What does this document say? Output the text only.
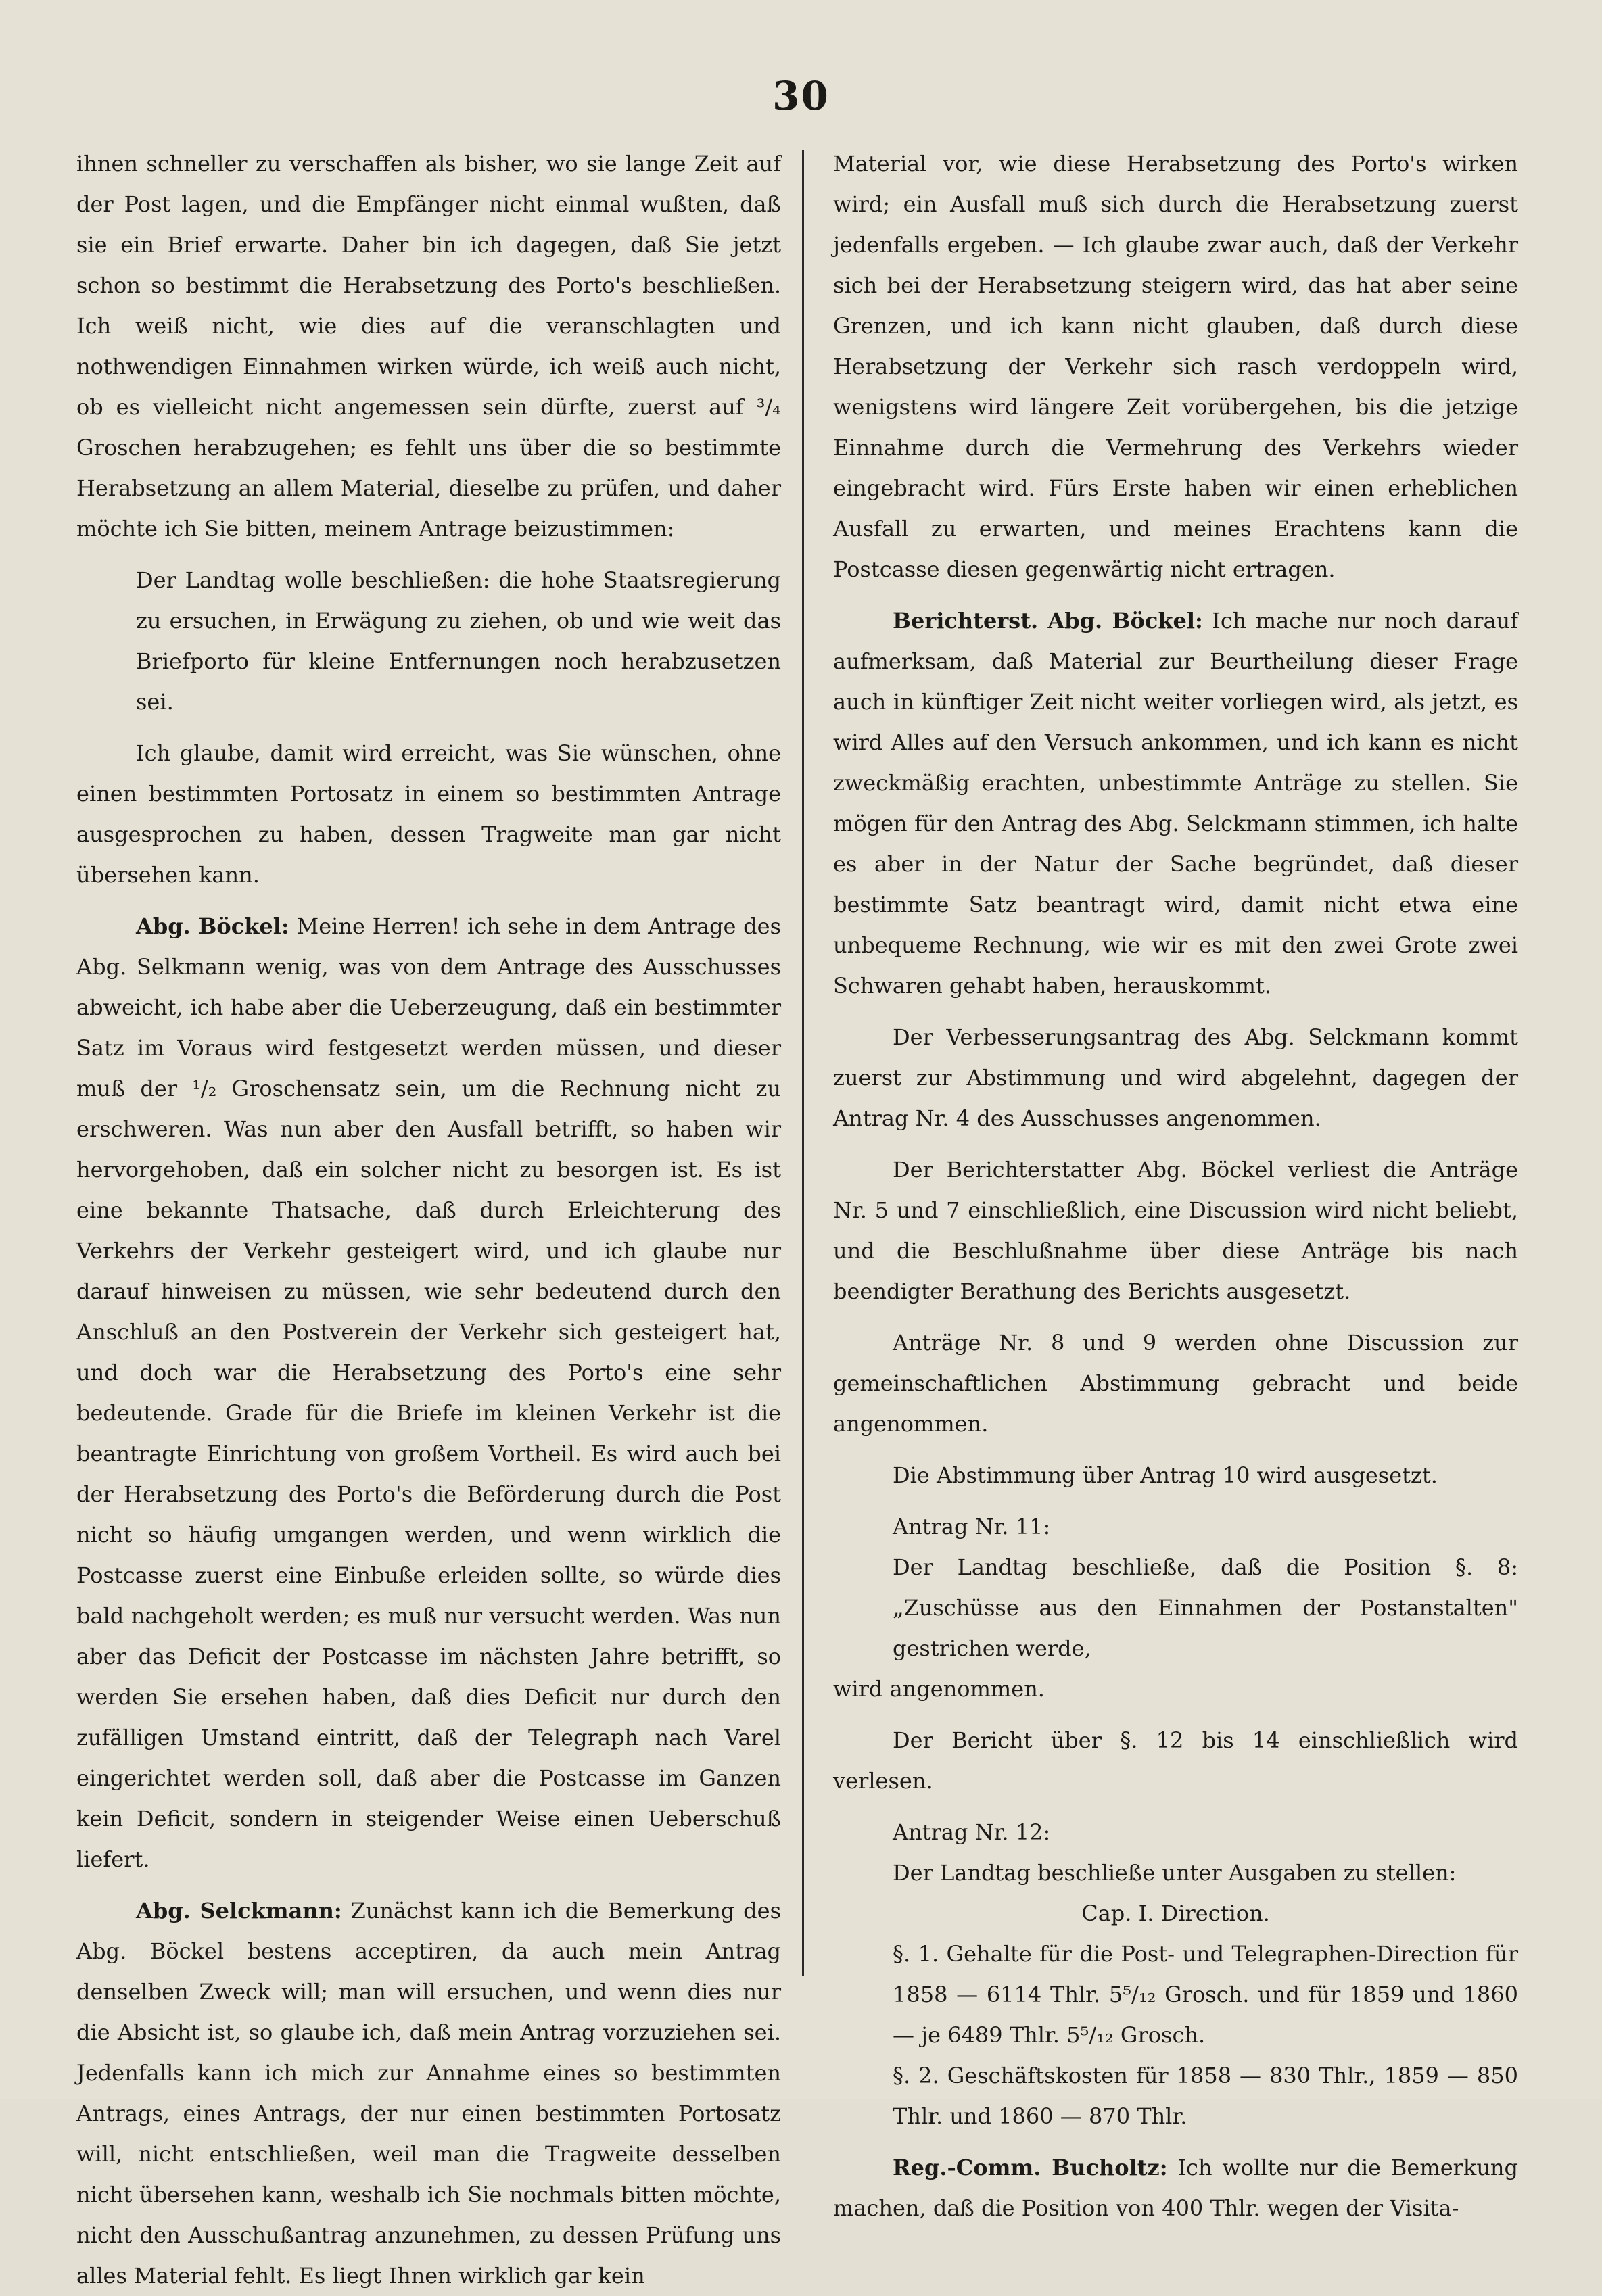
30

ihnen schneller zu verschaffen als bisher, wo sie lange Zeit auf der Post lagen, und die Empfänger nicht einmal wußten, daß sie ein Brief erwarte. Daher bin ich dagegen, daß Sie jetzt schon so bestimmt die Herabsetzung des Porto's beschließen. Ich weiß nicht, wie dies auf die veranschlagten und nothwendigen Einnahmen wirken würde, ich weiß auch nicht, ob es vielleicht nicht angemessen sein dürfte, zuerst auf ³/₄ Groschen herabzugehen; es fehlt uns über die so bestimmte Herabsetzung an allem Material, dieselbe zu prüfen, und daher möchte ich Sie bitten, meinem Antrage beizustimmen:

Der Landtag wolle beschließen: die hohe Staatsregierung zu ersuchen, in Erwägung zu ziehen, ob und wie weit das Briefporto für kleine Entfernungen noch herabzusetzen sei.

Ich glaube, damit wird erreicht, was Sie wünschen, ohne einen bestimmten Portosatz in einem so bestimmten Antrage ausgesprochen zu haben, dessen Tragweite man gar nicht übersehen kann.

Abg. Böckel: Meine Herren! ich sehe in dem Antrage des Abg. Selkmann wenig, was von dem Antrage des Ausschusses abweicht, ich habe aber die Ueberzeugung, daß ein bestimmter Satz im Voraus wird festgesetzt werden müssen, und dieser muß der ¹/₂ Groschensatz sein, um die Rechnung nicht zu erschweren. Was nun aber den Ausfall betrifft, so haben wir hervorgehoben, daß ein solcher nicht zu besorgen ist. Es ist eine bekannte Thatsache, daß durch Erleichterung des Verkehrs der Verkehr gesteigert wird, und ich glaube nur darauf hinweisen zu müssen, wie sehr bedeutend durch den Anschluß an den Postverein der Verkehr sich gesteigert hat, und doch war die Herabsetzung des Porto's eine sehr bedeutende. Grade für die Briefe im kleinen Verkehr ist die beantragte Einrichtung von großem Vortheil. Es wird auch bei der Herabsetzung des Porto's die Beförderung durch die Post nicht so häufig umgangen werden, und wenn wirklich die Postcasse zuerst eine Einbuße erleiden sollte, so würde dies bald nachgeholt werden; es muß nur versucht werden. Was nun aber das Deficit der Postcasse im nächsten Jahre betrifft, so werden Sie ersehen haben, daß dies Deficit nur durch den zufälligen Umstand eintritt, daß der Telegraph nach Varel eingerichtet werden soll, daß aber die Postcasse im Ganzen kein Deficit, sondern in steigender Weise einen Ueberschuß liefert.

Abg. Selckmann: Zunächst kann ich die Bemerkung des Abg. Böckel bestens acceptiren, da auch mein Antrag denselben Zweck will; man will ersuchen, und wenn dies nur die Absicht ist, so glaube ich, daß mein Antrag vorzuziehen sei. Jedenfalls kann ich mich zur Annahme eines so bestimmten Antrags, eines Antrags, der nur einen bestimmten Portosatz will, nicht entschließen, weil man die Tragweite desselben nicht übersehen kann, weshalb ich Sie nochmals bitten möchte, nicht den Ausschußantrag anzunehmen, zu dessen Prüfung uns alles Material fehlt. Es liegt Ihnen wirklich gar kein

Material vor, wie diese Herabsetzung des Porto's wirken wird; ein Ausfall muß sich durch die Herabsetzung zuerst jedenfalls ergeben. — Ich glaube zwar auch, daß der Verkehr sich bei der Herabsetzung steigern wird, das hat aber seine Grenzen, und ich kann nicht glauben, daß durch diese Herabsetzung der Verkehr sich rasch verdoppeln wird, wenigstens wird längere Zeit vorübergehen, bis die jetzige Einnahme durch die Vermehrung des Verkehrs wieder eingebracht wird. Fürs Erste haben wir einen erheblichen Ausfall zu erwarten, und meines Erachtens kann die Postcasse diesen gegenwärtig nicht ertragen.

Berichterst. Abg. Böckel: Ich mache nur noch darauf aufmerksam, daß Material zur Beurtheilung dieser Frage auch in künftiger Zeit nicht weiter vorliegen wird, als jetzt, es wird Alles auf den Versuch ankommen, und ich kann es nicht zweckmäßig erachten, unbestimmte Anträge zu stellen. Sie mögen für den Antrag des Abg. Selckmann stimmen, ich halte es aber in der Natur der Sache begründet, daß dieser bestimmte Satz beantragt wird, damit nicht etwa eine unbequeme Rechnung, wie wir es mit den zwei Grote zwei Schwaren gehabt haben, herauskommt.

Der Verbesserungsantrag des Abg. Selckmann kommt zuerst zur Abstimmung und wird abgelehnt, dagegen der Antrag Nr. 4 des Ausschusses angenommen.

Der Berichterstatter Abg. Böckel verliest die Anträge Nr. 5 und 7 einschließlich, eine Discussion wird nicht beliebt, und die Beschlußnahme über diese Anträge bis nach beendigter Berathung des Berichts ausgesetzt.

Anträge Nr. 8 und 9 werden ohne Discussion zur gemeinschaftlichen Abstimmung gebracht und beide angenommen.

Die Abstimmung über Antrag 10 wird ausgesetzt.

Antrag Nr. 11:

Der Landtag beschließe, daß die Position §. 8: „Zuschüsse aus den Einnahmen der Postanstalten" gestrichen werde,

wird angenommen.

Der Bericht über §. 12 bis 14 einschließlich wird verlesen.

Antrag Nr. 12:

Der Landtag beschließe unter Ausgaben zu stellen:

Cap. I. Direction.

§. 1. Gehalte für die Post- und Telegraphen-Direction für 1858 — 6114 Thlr. 5⁵/₁₂ Grosch. und für 1859 und 1860 — je 6489 Thlr. 5⁵/₁₂ Grosch.

§. 2. Geschäftskosten für 1858 — 830 Thlr., 1859 — 850 Thlr. und 1860 — 870 Thlr.

Reg.-Comm. Bucholtz: Ich wollte nur die Bemerkung machen, daß die Position von 400 Thlr. wegen der Visita-
